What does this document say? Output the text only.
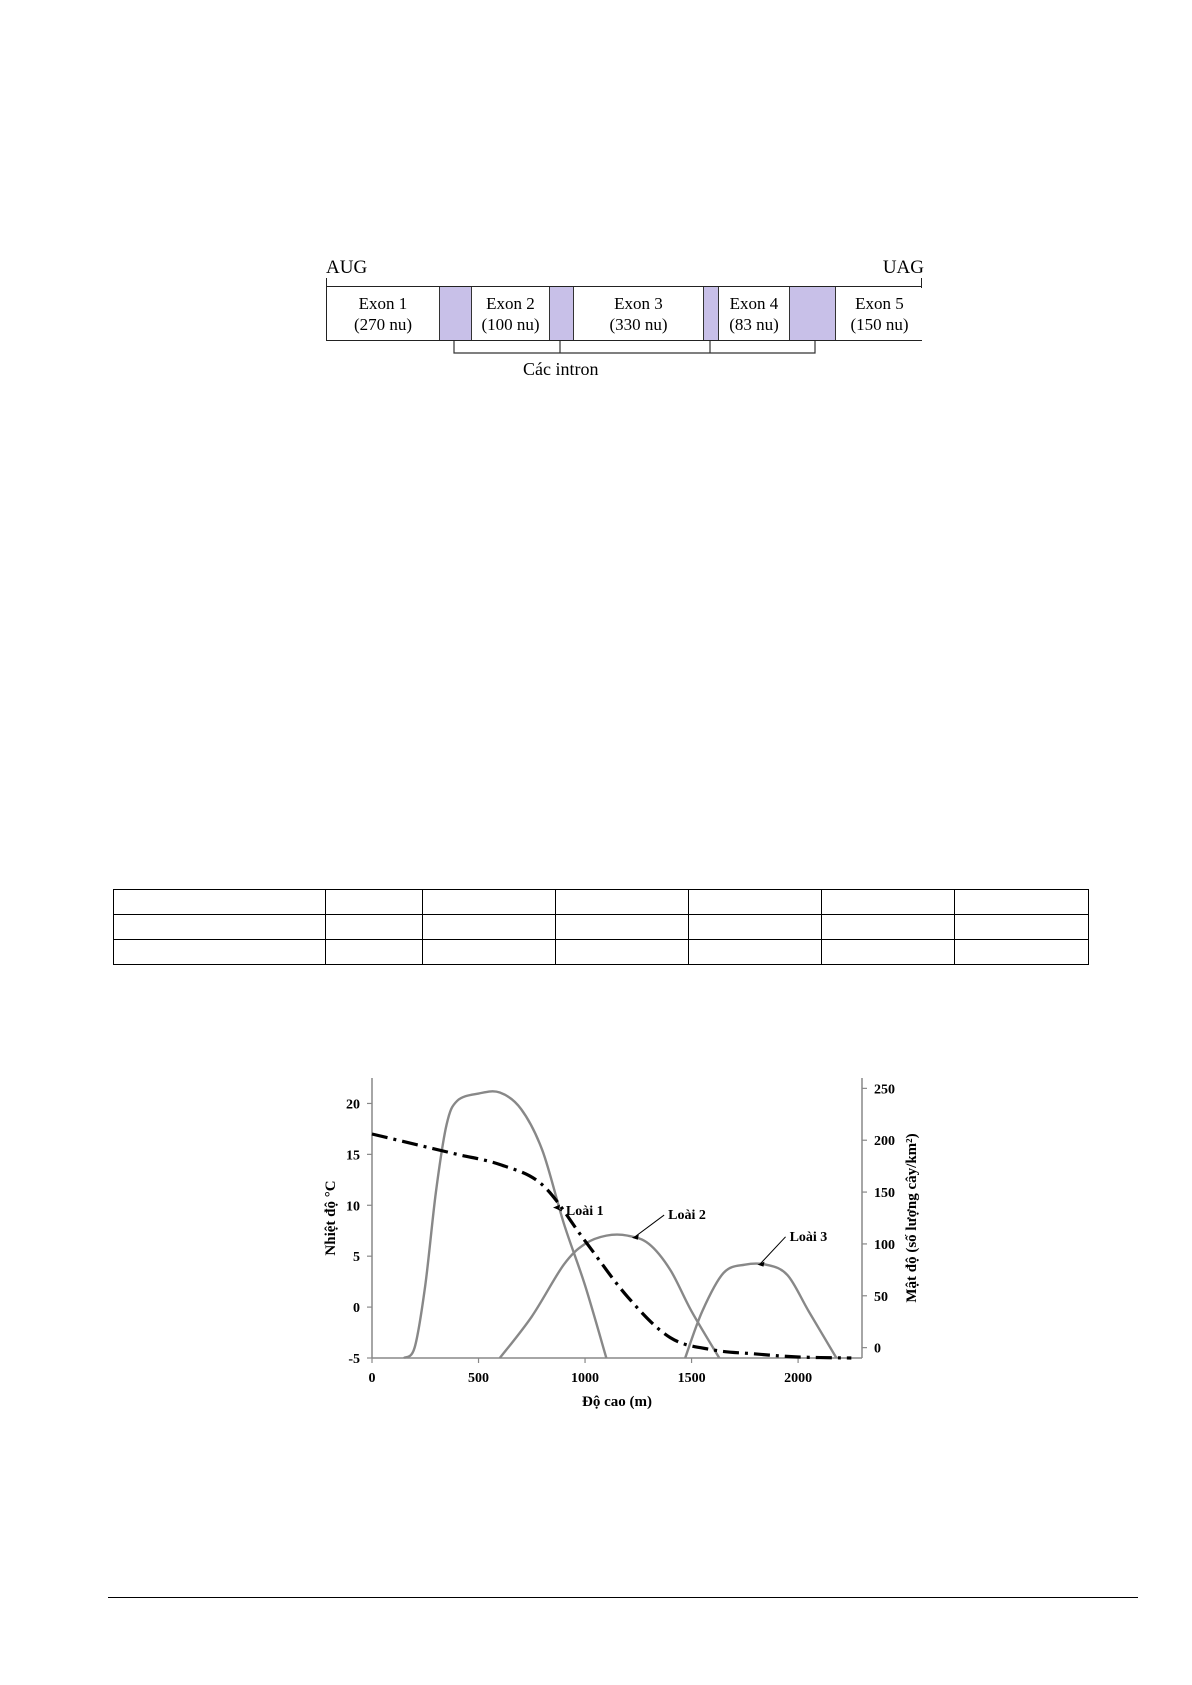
AUG	UAG
Exon 1
(270 nu)
Exon 2
(100 nu)
Exon 3
(330 nu)
Exon 4
(83 nu)
Exon 5
(150 nu)
Các intron

0	500	1000	1500	2000
-5
0
5
10
15
20
0
50
100
150
200
250
Độ cao (m)
Nhiệt độ °C	Mật độ (số lượng cây/km²)
Loài 1	Loài 2
Loài 3
